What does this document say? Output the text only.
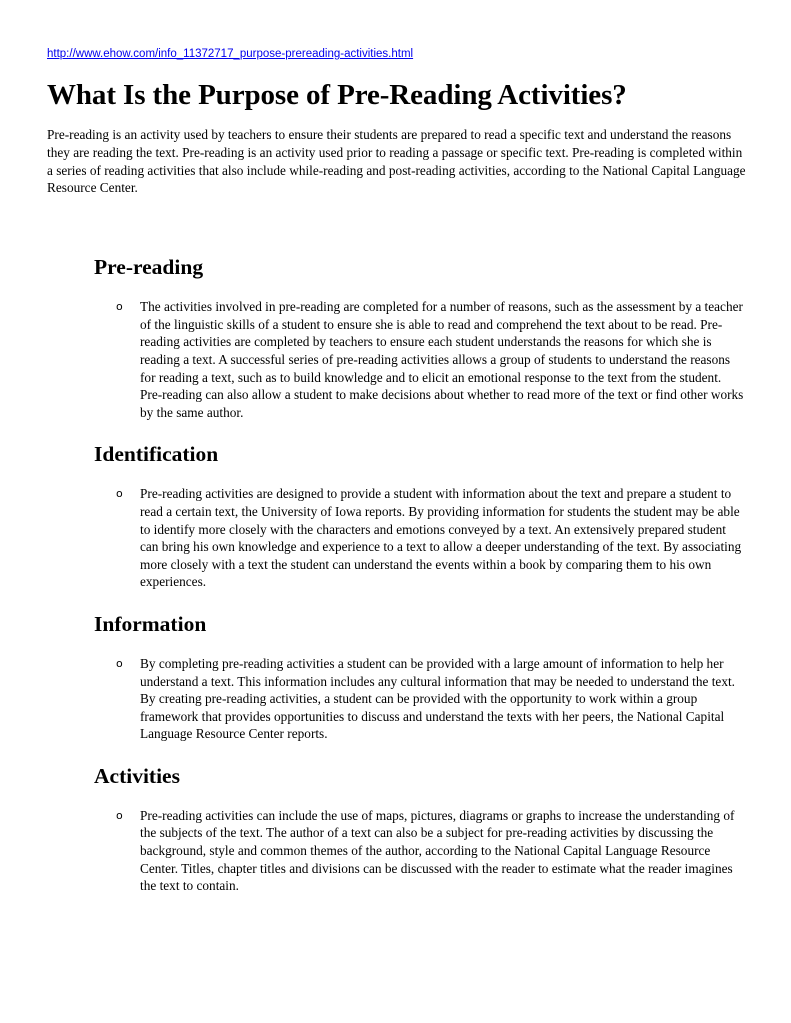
http://www.ehow.com/info_11372717_purpose-prereading-activities.html
What Is the Purpose of Pre-Reading Activities?

Pre-reading is an activity used by teachers to ensure their students are prepared to read a specific text and understand the reasons they are reading the text. Pre-reading is an activity used prior to reading a passage or specific text. Pre-reading is completed within a series of reading activities that also include while-reading and post-reading activities, according to the National Capital Language Resource Center.

Pre-reading
o The activities involved in pre-reading are completed for a number of reasons, such as the assessment by a teacher of the linguistic skills of a student to ensure she is able to read and comprehend the text about to be read. Pre-reading activities are completed by teachers to ensure each student understands the reasons for which she is reading a text. A successful series of pre-reading activities allows a group of students to understand the reasons for reading a text, such as to build knowledge and to elicit an emotional response to the text from the student. Pre-reading can also allow a student to make decisions about whether to read more of the text or find other works by the same author.

Identification
o Pre-reading activities are designed to provide a student with information about the text and prepare a student to read a certain text, the University of Iowa reports. By providing information for students the student may be able to identify more closely with the characters and emotions conveyed by a text. An extensively prepared student can bring his own knowledge and experience to a text to allow a deeper understanding of the text. By associating more closely with a text the student can understand the events within a book by comparing them to his own experiences.

Information
o By completing pre-reading activities a student can be provided with a large amount of information to help her understand a text. This information includes any cultural information that may be needed to understand the text. By creating pre-reading activities, a student can be provided with the opportunity to work within a group framework that provides opportunities to discuss and understand the texts with her peers, the National Capital Language Resource Center reports.

Activities
o Pre-reading activities can include the use of maps, pictures, diagrams or graphs to increase the understanding of the subjects of the text. The author of a text can also be a subject for pre-reading activities by discussing the background, style and common themes of the author, according to the National Capital Language Resource Center. Titles, chapter titles and divisions can be discussed with the reader to estimate what the reader imagines the text to contain.
